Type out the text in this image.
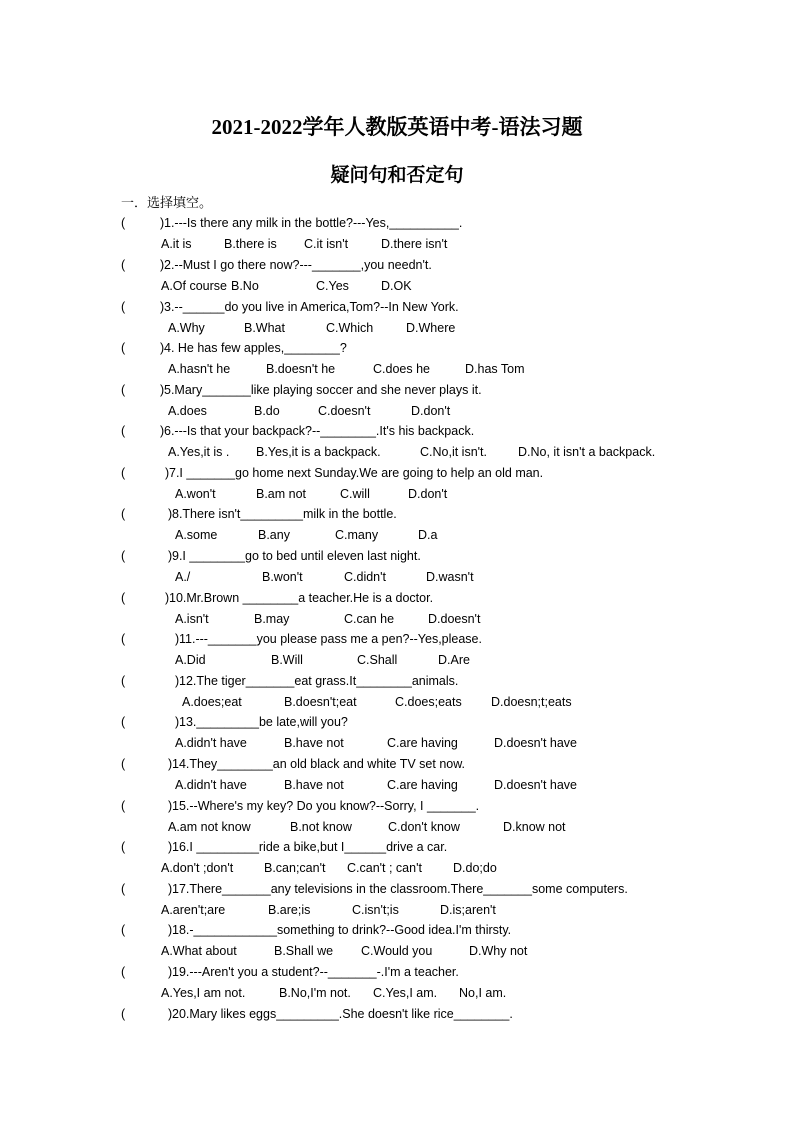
2021-2022学年人教版英语中考-语法习题
疑问句和否定句
一．选择填空。
(	) 1.---Is there any milk in the bottle?---Yes,__________.
A.it is	B.there is C.it isn't	D.there isn't
(	) 2.--Must I go there now?---_______,you needn't.
A.Of course B.No	C.Yes	D.OK
(	) 3.--______do you live in America,Tom?--In New York.
A.Why	B.What	C.Which	D.Where
(	) 4. He has few apples,________?
A.hasn't he	B.doesn't he	C.does he	D.has Tom
(	) 5.Mary_______like playing soccer and she never plays it.
A.does	B.do	C.doesn't	D.don't
(	) 6.---Is that your backpack?--________.It's his backpack.
A.Yes,it is . B.Yes,it is a backpack.	C.No,it isn't. D.No, it isn't a backpack.
(	) 7.I _______go home next Sunday.We are going to help an old man.
A.won't	B.am not	C.will	D.don't
(	) 8.There isn't_________milk in the bottle.
A.some	B.any	C.many	D.a
(	) 9.I ________go to bed until eleven last night.
A./	B.won't	C.didn't	D.wasn't
(	) 10.Mr.Brown ________a teacher.He is a doctor.
A.isn't	B.may	C.can he	D.doesn't
(	) 11.---_______you please pass me a pen?--Yes,please.
A.Did	B.Will	C.Shall	D.Are
(	) 12.The tiger_______eat grass.It________animals.
A.does;eat	B.doesn't;eat	C.does;eats D.doesn;t;eats
(	) 13._________be late,will you?
A.didn't have	B.have not	C.are having	D.doesn't have
(	) 14.They________an old black and white TV set now.
A.didn't have	B.have not	C.are having	D.doesn't have
(	) 15.--Where's my key? Do you know?--Sorry, I _______.
A.am not know	B.not know	C.don't know	D.know not
(	) 16.I _________ride a bike,but I______drive a car.
A.don't ;don't B.can;can't C.can't ; can't D.do;do
(	) 17.There_______any televisions in the classroom.There_______some computers.
A.aren't;are	B.are;is	C.isn't;is	D.is;aren't
(	) 18.-____________something to drink?--Good idea.I'm thirsty.
A.What about	B.Shall we C.Would you	D.Why not
(	) 19.---Aren't you a student?--_______-.I'm a teacher.
A.Yes,I am not.	B.No,I'm not. C.Yes,I am. No,I am.
(	) 20.Mary likes eggs_________.She doesn't like rice________.
